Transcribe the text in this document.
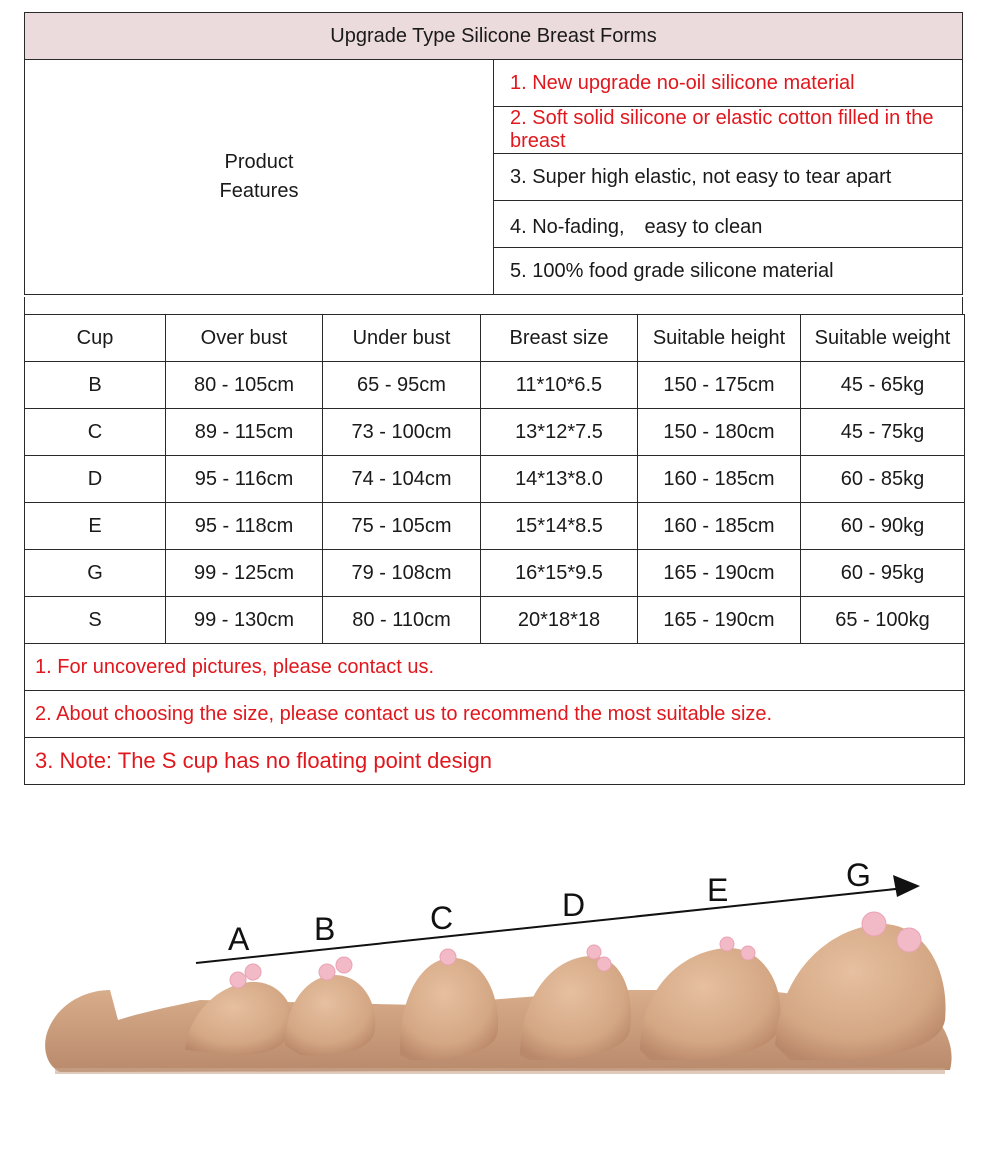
Upgrade Type Silicone Breast Forms
Product Features	1. New upgrade no-oil silicone material
2. Soft solid silicone or elastic cotton filled in the breast
3. Super high elastic, not easy to tear apart
4. No-fading,　easy to clean
5. 100% food grade silicone material
Cup	Over bust	Under bust	Breast size	Suitable height	Suitable weight
B	80 - 105cm	65 - 95cm	11*10*6.5	150 - 175cm	45 - 65kg
C	89 - 115cm	73 - 100cm	13*12*7.5	150 - 180cm	45 - 75kg
D	95 - 116cm	74 - 104cm	14*13*8.0	160 - 185cm	60 - 85kg
E	95 - 118cm	75 - 105cm	15*14*8.5	160 - 185cm	60 - 90kg
G	99 - 125cm	79 - 108cm	16*15*9.5	165 - 190cm	60 - 95kg
S	99 - 130cm	80 - 110cm	20*18*18	165 - 190cm	65 - 100kg
1. For uncovered pictures, please contact us.					
2. About choosing the size, please contact us to recommend the most suitable size.					
3. Note: The S cup has no floating point design					
A B	C	D	E	G
